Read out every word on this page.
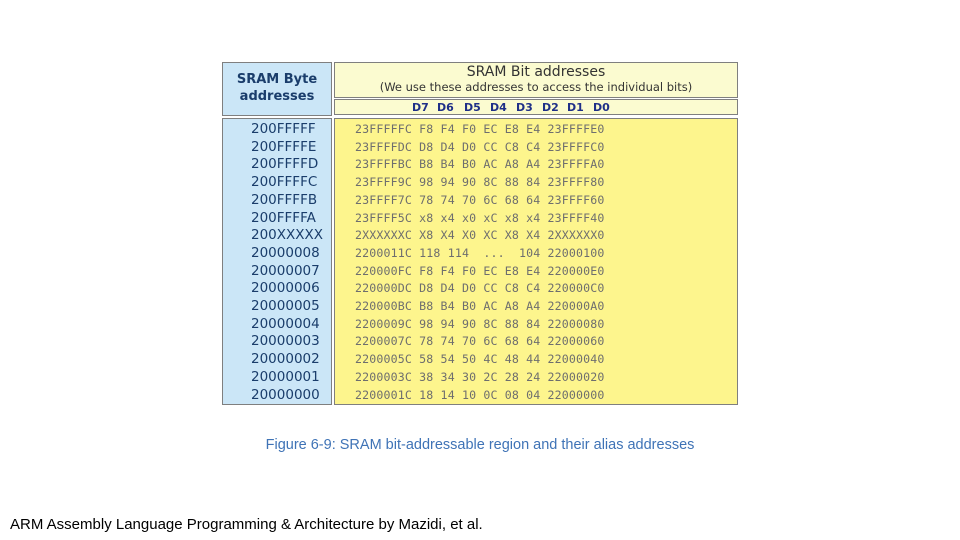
SRAM Byte
addresses
SRAM Bit addresses
(We use these addresses to access the individual bits)
D7 D6 D5 D4 D3 D2 D1 D0
200FFFFF
200FFFFE
200FFFFD
200FFFFC
200FFFFB
200FFFFA
200XXXXX
20000008
20000007
20000006
20000005
20000004
20000003
20000002
20000001
20000000
23FFFFFC F8 F4 F0 EC E8 E4 23FFFFE0
23FFFFDC D8 D4 D0 CC C8 C4 23FFFFC0
23FFFFBC B8 B4 B0 AC A8 A4 23FFFFA0
23FFFF9C 98 94 90 8C 88 84 23FFFF80
23FFFF7C 78 74 70 6C 68 64 23FFFF60
23FFFF5C x8 x4 x0 xC x8 x4 23FFFF40
2XXXXXXC X8 X4 X0 XC X8 X4 2XXXXXX0
2200011C 118 114  ...  104 22000100
220000FC F8 F4 F0 EC E8 E4 220000E0
220000DC D8 D4 D0 CC C8 C4 220000C0
220000BC B8 B4 B0 AC A8 A4 220000A0
2200009C 98 94 90 8C 88 84 22000080
2200007C 78 74 70 6C 68 64 22000060
2200005C 58 54 50 4C 48 44 22000040
2200003C 38 34 30 2C 28 24 22000020
2200001C 18 14 10 0C 08 04 22000000
Figure 6-9: SRAM bit-addressable region and their alias addresses
ARM Assembly Language Programming & Architecture by Mazidi, et al.
